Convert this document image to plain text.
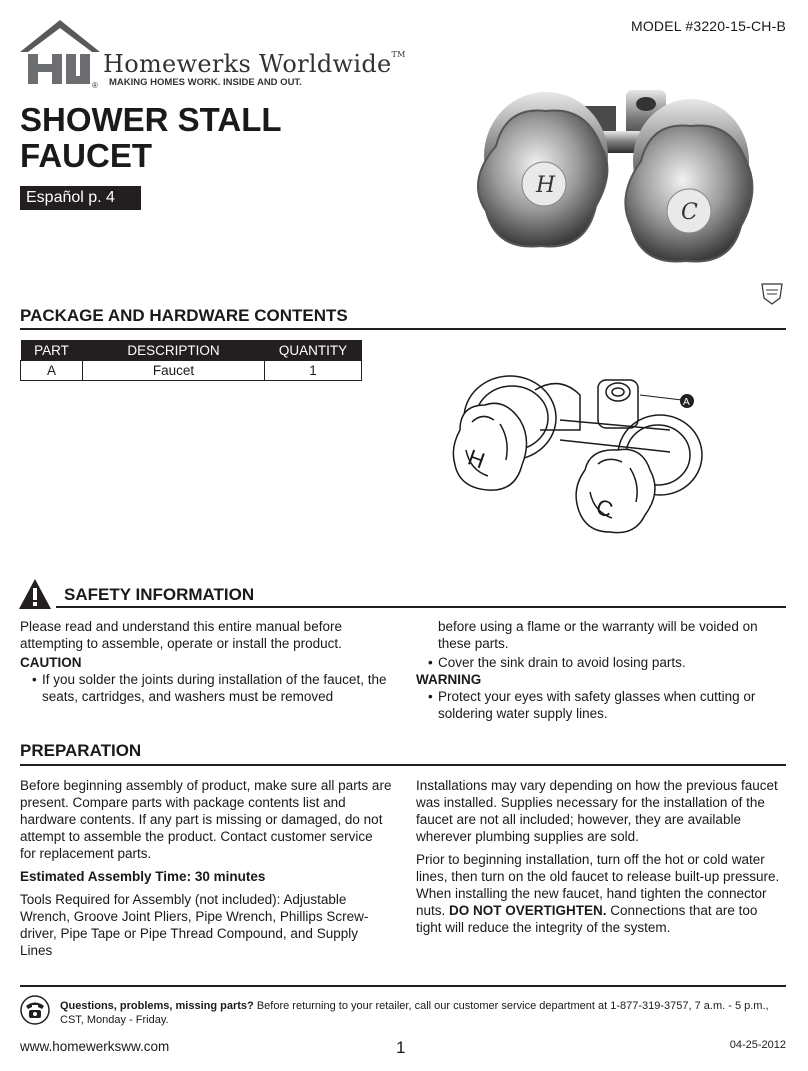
MODEL #3220-15-CH-B
®
Homewerks Worldwide™
MAKING HOMES WORK. INSIDE AND OUT.
SHOWER STALL
FAUCET
Español p. 4	H
C
PACKAGE AND HARDWARE CONTENTS
PART	DESCRIPTION	QUANTITY
A	Faucet	1
A
H
C
SAFETY INFORMATION

Please read and understand this entire manual before attempting to assemble, operate or install the product.

CAUTION
• If you solder the joints during installation of the faucet, the seats, cartridges, and washers must be removed
before using a flame or the warranty will be voided on these parts.
• Cover the sink drain to avoid losing parts.
WARNING
• Protect your eyes with safety glasses when cutting or soldering water supply lines.
PREPARATION

Before beginning assembly of product, make sure all parts are present. Compare parts with package contents list and hardware contents. If any part is missing or damaged, do not attempt to assemble the product. Contact customer service for replacement parts.

Estimated Assembly Time: 30 minutes

Tools Required for Assembly (not included): Adjustable Wrench, Groove Joint Pliers, Pipe Wrench, Phillips Screw-driver, Pipe Tape or Pipe Thread Compound, and Supply Lines

Installations may vary depending on how the previous faucet was installed. Supplies necessary for the installation of the faucet are not all included; however, they are available wherever plumbing supplies are sold.

Prior to beginning installation, turn off the hot or cold water lines, then turn on the old faucet to release built-up pressure. When installing the new faucet, hand tighten the connector nuts. DO NOT OVERTIGHTEN. Connections that are too tight will reduce the integrity of the system.

Questions, problems, missing parts? Before returning to your retailer, call our customer service department at 1-877-319-3757, 7 a.m. - 5 p.m., CST, Monday - Friday.
www.homewerksww.com	1	04-25-2012
